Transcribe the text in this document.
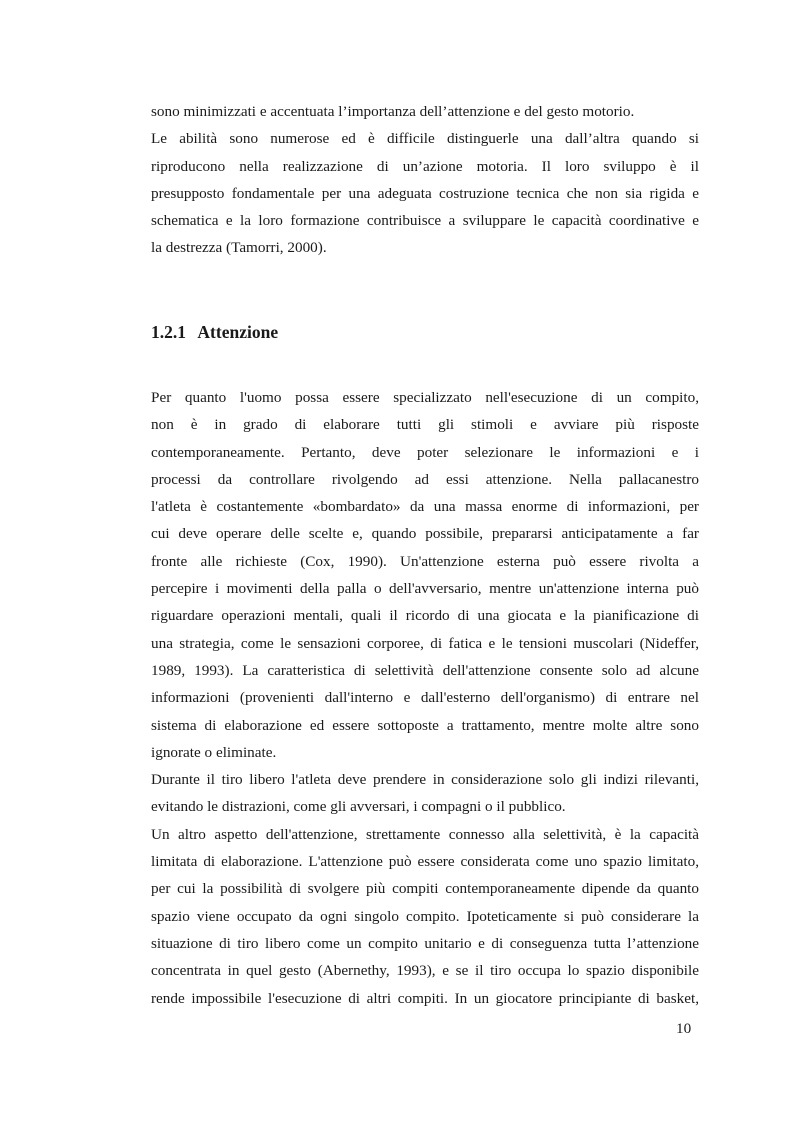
sono minimizzati e accentuata l’importanza dell’attenzione e del gesto motorio.
Le abilità sono numerose ed è difficile distinguerle una dall’altra quando si
riproducono nella realizzazione di un’azione motoria. Il loro sviluppo è il
presupposto fondamentale per una adeguata costruzione tecnica che non sia rigida e
schematica e la loro formazione contribuisce a sviluppare le capacità coordinative e
la destrezza (Tamorri, 2000).
1.2.1 Attenzione
Per quanto l'uomo possa essere specializzato nell'esecuzione di un compito,
non è in grado di elaborare tutti gli stimoli e avviare più risposte
contemporaneamente. Pertanto, deve poter selezionare le informazioni e i
processi da controllare rivolgendo ad essi attenzione. Nella pallacanestro
l'atleta è costantemente «bombardato» da una massa enorme di informazioni, per
cui deve operare delle scelte e, quando possibile, prepararsi anticipatamente a far
fronte alle richieste (Cox, 1990). Un'attenzione esterna può essere rivolta a
percepire i movimenti della palla o dell'avversario, mentre un'attenzione interna può
riguardare operazioni mentali, quali il ricordo di una giocata e la pianificazione di
una strategia, come le sensazioni corporee, di fatica e le tensioni muscolari (Nideffer,
1989, 1993). La caratteristica di selettività dell'attenzione consente solo ad alcune
informazioni (provenienti dall'interno e dall'esterno dell'organismo) di entrare nel
sistema di elaborazione ed essere sottoposte a trattamento, mentre molte altre sono
ignorate o eliminate.
Durante il tiro libero l'atleta deve prendere in considerazione solo gli indizi rilevanti,
evitando le distrazioni, come gli avversari, i compagni o il pubblico.
Un altro aspetto dell'attenzione, strettamente connesso alla selettività, è la capacità
limitata di elaborazione. L'attenzione può essere considerata come uno spazio limitato,
per cui la possibilità di svolgere più compiti contemporaneamente dipende da quanto
spazio viene occupato da ogni singolo compito. Ipoteticamente si può considerare la
situazione di tiro libero come un compito unitario e di conseguenza tutta l’attenzione
concentrata in quel gesto (Abernethy, 1993), e se il tiro occupa lo spazio disponibile
rende impossibile l'esecuzione di altri compiti. In un giocatore principiante di basket,
10
